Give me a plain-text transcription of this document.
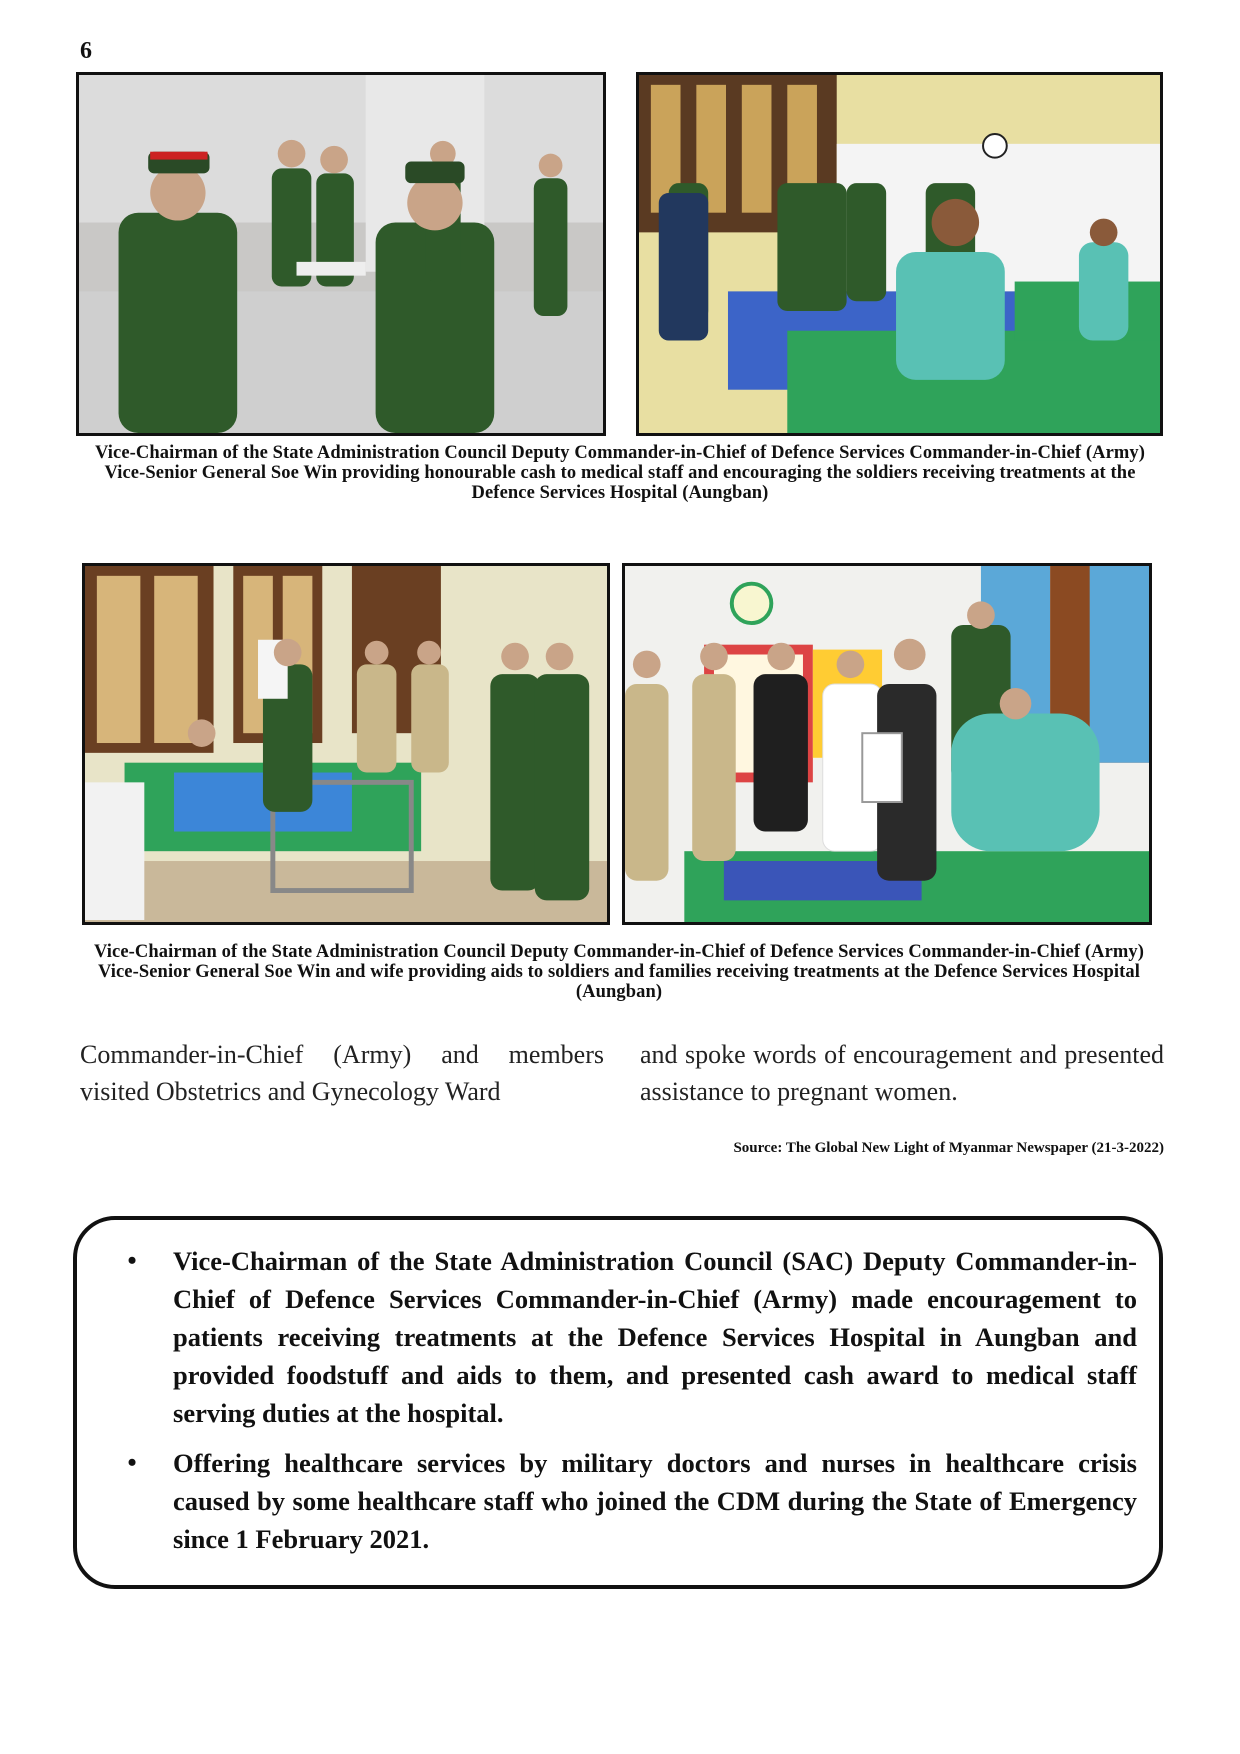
6
Vice-Chairman of the State Administration Council Deputy Commander-in-Chief of Defence Services Commander-in-Chief (Army) Vice-Senior General Soe Win providing honourable cash to medical staff and encouraging the soldiers receiving treatments at the Defence Services Hospital (Aungban)
Vice-Chairman of the State Administration Council Deputy Commander-in-Chief of Defence Services Commander-in-Chief (Army) Vice-Senior General Soe Win and wife providing aids to soldiers and families receiving treatments at the Defence Services Hospital (Aungban)
Commander-in-Chief (Army) and members visited Obstetrics and Gynecology Ward
and spoke words of encouragement and presented assistance to pregnant women.
Source: The Global New Light of Myanmar Newspaper (21-3-2022)
•	Vice-Chairman of the State Administration Council (SAC) Deputy Commander-in-Chief of Defence Services Commander-in-Chief (Army) made encouragement to patients receiving treatments at the Defence Services Hospital in Aungban and provided foodstuff and aids to them, and presented cash award to medical staff serving duties at the hospital.
•	Offering healthcare services by military doctors and nurses in healthcare crisis caused by some healthcare staff who joined the CDM during the State of Emergency since 1 February 2021.
